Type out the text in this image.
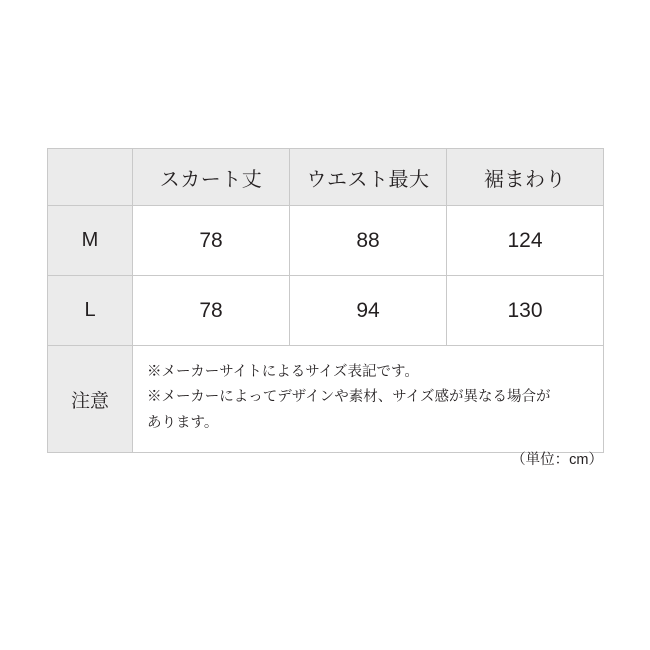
	スカート丈	ウエスト最大	裾まわり
M	78	88	124
L	78	94	130
注意	※メーカーサイトによるサイズ表記です。
※メーカーによってデザインや素材、サイズ感が異なる場合が
あります。		
（単位：cm）
